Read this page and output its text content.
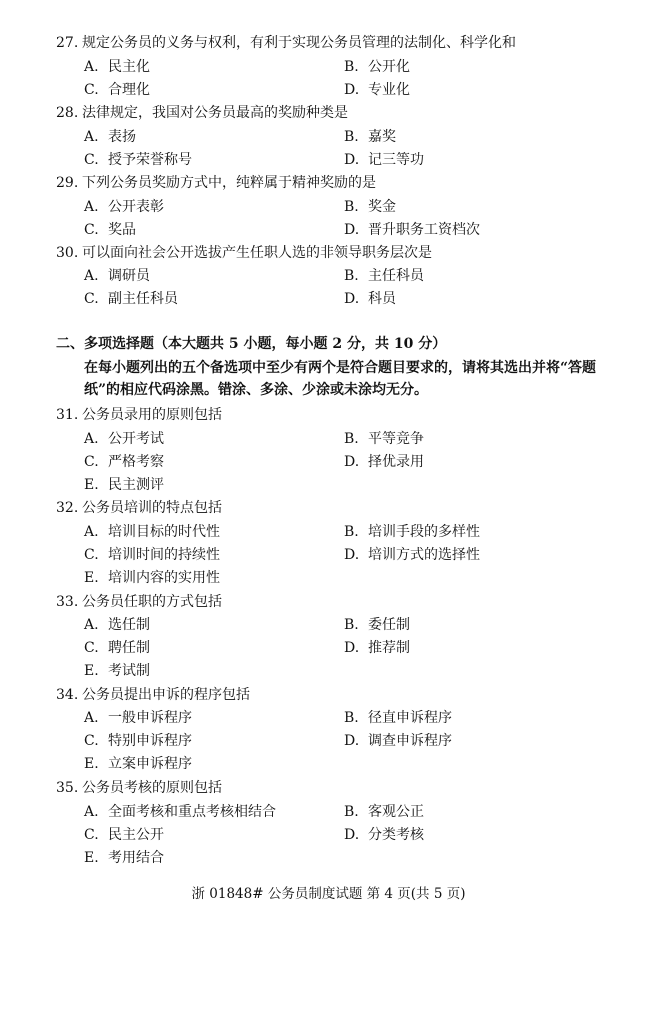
27. 规定公务员的义务与权利，有利于实现公务员管理的法制化、科学化和
A. 民主化	B. 公开化
C. 合理化	D. 专业化
28. 法律规定，我国对公务员最高的奖励种类是
A. 表扬	B. 嘉奖
C. 授予荣誉称号	D. 记三等功
29. 下列公务员奖励方式中，纯粹属于精神奖励的是
A. 公开表彰	B. 奖金
C. 奖品	D. 晋升职务工资档次
30. 可以面向社会公开选拔产生任职人选的非领导职务层次是
A. 调研员	B. 主任科员
C. 副主任科员	D. 科员
二、多项选择题（本大题共 5 小题，每小题 2 分，共 10 分）
在每小题列出的五个备选项中至少有两个是符合题目要求的，请将其选出并将“答题纸”的相应代码涂黑。错涂、多涂、少涂或未涂均无分。
31. 公务员录用的原则包括
A. 公开考试	B. 平等竞争
C. 严格考察	D. 择优录用
E. 民主测评
32. 公务员培训的特点包括
A. 培训目标的时代性	B. 培训手段的多样性
C. 培训时间的持续性	D. 培训方式的选择性
E. 培训内容的实用性
33. 公务员任职的方式包括
A. 选任制	B. 委任制
C. 聘任制	D. 推荐制
E. 考试制
34. 公务员提出申诉的程序包括
A. 一般申诉程序	B. 径直申诉程序
C. 特别申诉程序	D. 调查申诉程序
E. 立案申诉程序
35. 公务员考核的原则包括
A. 全面考核和重点考核相结合	B. 客观公正
C. 民主公开	D. 分类考核
E. 考用结合
浙 01848# 公务员制度试题 第 4 页(共 5 页)
